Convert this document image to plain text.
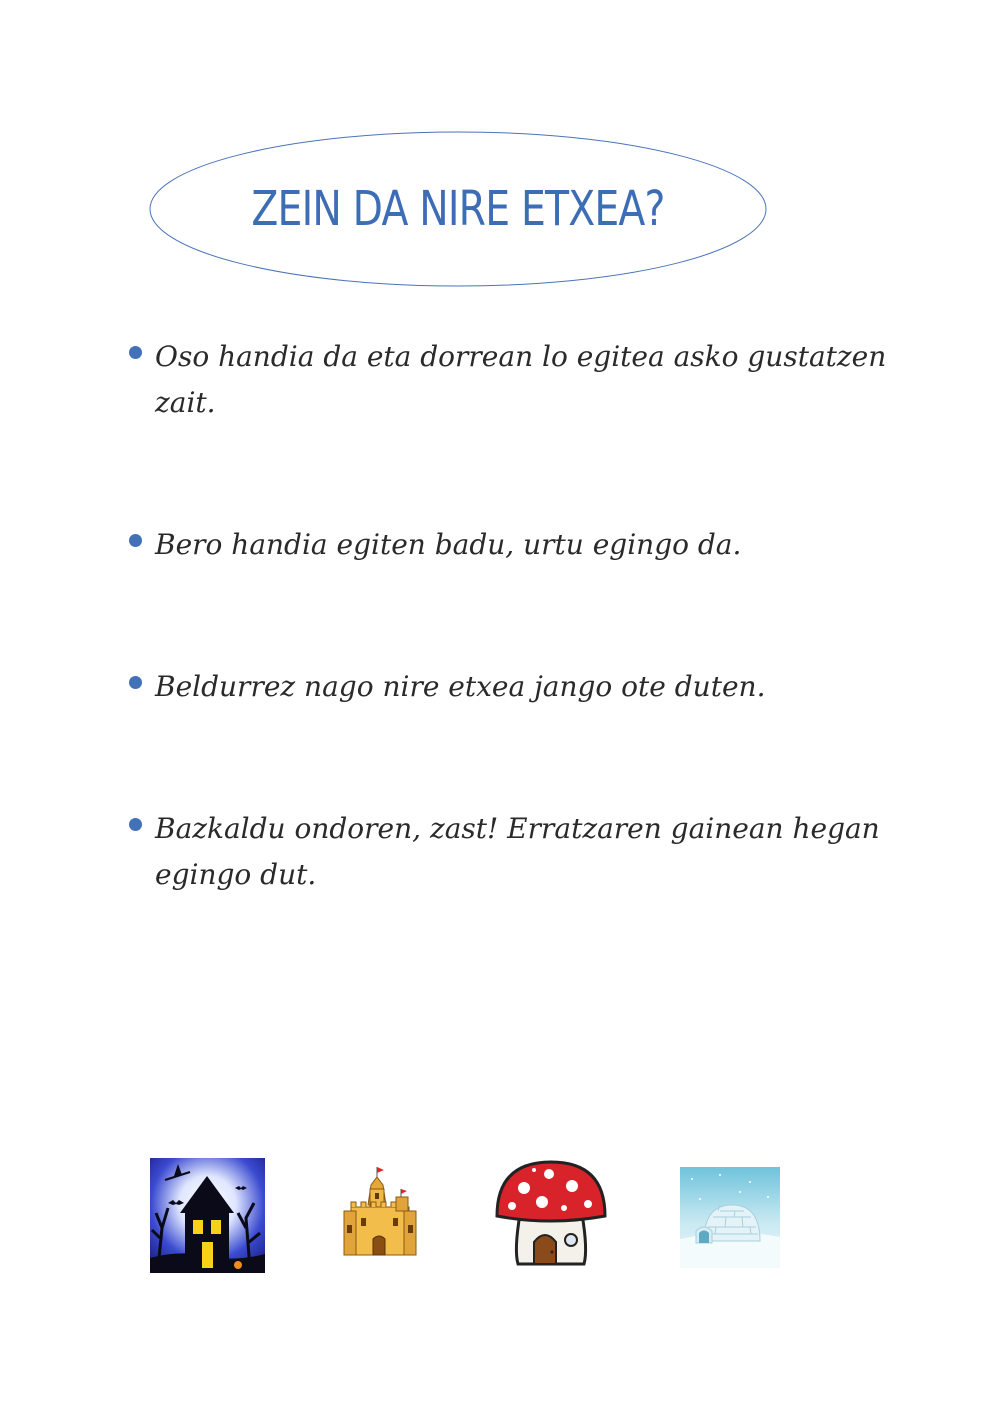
ZEIN DA NIRE ETXEA?
Oso handia da eta dorrean lo egitea asko gustatzen zait.
Bero handia egiten badu, urtu egingo da.
Beldurrez nago nire etxea jango ote duten.
Bazkaldu ondoren, zast! Erratzaren gainean hegan egingo dut.
